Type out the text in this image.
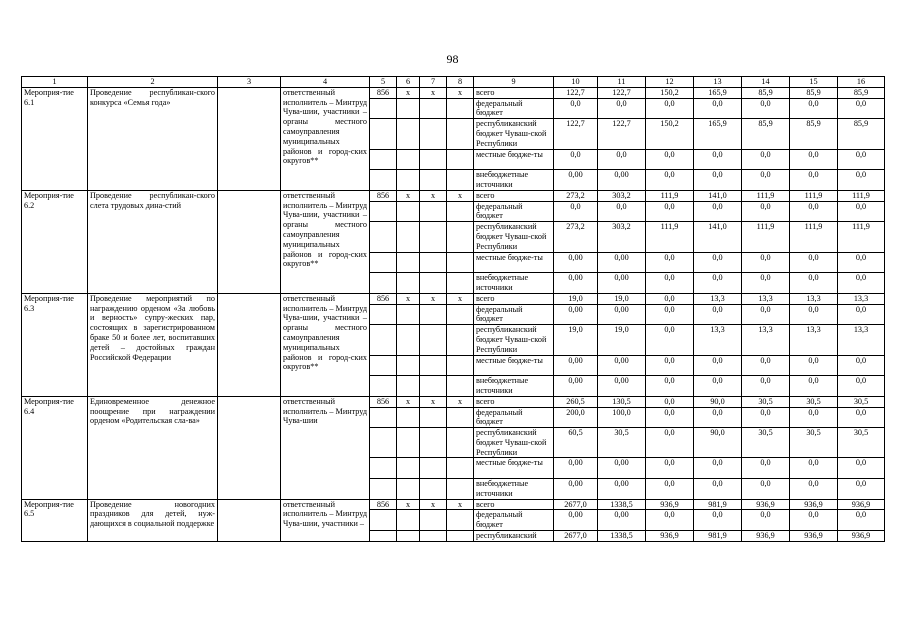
98
1	2	3	4	5	6	7	8	9	10	11	12	13	14	15	16
Мероприя-тие 6.1	Проведение республикан-ского конкурса «Семья года»		ответственный исполнитель – Минтруд Чува-шии, участники – органы местного самоуправления муниципальных районов и город-ских округов**	856	x	x	x	всего	122,7	122,7	150,2	165,9	85,9	85,9	85,9
								федеральный бюджет	0,0	0,0	0,0	0,0	0,0	0,0	0,0
								республиканский бюджет Чуваш-ской Республики	122,7	122,7	150,2	165,9	85,9	85,9	85,9
								местные бюдже-ты	0,0	0,0	0,0	0,0	0,0	0,0	0,0
								внебюджетные источники	0,00	0,00	0,0	0,0	0,0	0,0	0,0
Мероприя-тие 6.2	Проведение республикан-ского слета трудовых дина-стий		ответственный исполнитель – Минтруд Чува-шии, участники – органы местного самоуправления муниципальных районов и город-ских округов**	856	x	x	x	всего	273,2	303,2	111,9	141,0	111,9	111,9	111,9
								федеральный бюджет	0,0	0,0	0,0	0,0	0,0	0,0	0,0
								республиканский бюджет Чуваш-ской Республики	273,2	303,2	111,9	141,0	111,9	111,9	111,9
								местные бюдже-ты	0,00	0,00	0,0	0,0	0,0	0,0	0,0
								внебюджетные источники	0,00	0,00	0,0	0,0	0,0	0,0	0,0
Мероприя-тие 6.3	Проведение мероприятий по награждению орденом «За любовь и верность» супру-жеских пар, состоящих в зарегистрированном браке 50 и более лет, воспитавших детей – достойных граждан Российской Федерации		ответственный исполнитель – Минтруд Чува-шии, участники – органы местного самоуправления муниципальных районов и город-ских округов**	856	x	x	x	всего	19,0	19,0	0,0	13,3	13,3	13,3	13,3
								федеральный бюджет	0,00	0,00	0,0	0,0	0,0	0,0	0,0
								республиканский бюджет Чуваш-ской Республики	19,0	19,0	0,0	13,3	13,3	13,3	13,3
								местные бюдже-ты	0,00	0,00	0,0	0,0	0,0	0,0	0,0
								внебюджетные источники	0,00	0,00	0,0	0,0	0,0	0,0	0,0
Мероприя-тие 6.4	Единовременное денежное поощрение при награждении орденом «Родительская сла-ва»		ответственный исполнитель – Минтруд Чува-шии	856	x	x	x	всего	260,5	130,5	0,0	90,0	30,5	30,5	30,5
								федеральный бюджет	200,0	100,0	0,0	0,0	0,0	0,0	0,0
								республиканский бюджет Чуваш-ской Республики	60,5	30,5	0,0	90,0	30,5	30,5	30,5
								местные бюдже-ты	0,00	0,00	0,0	0,0	0,0	0,0	0,0
								внебюджетные источники	0,00	0,00	0,0	0,0	0,0	0,0	0,0
Мероприя-тие 6.5	Проведение новогодних праздников для детей, нуж-дающихся в социальной поддержке		ответственный исполнитель – Минтруд Чува-шии, участники –	856	x	x	x	всего	2677,0	1338,5	936,9	981,9	936,9	936,9	936,9
								федеральный бюджет	0,00	0,00	0,0	0,0	0,0	0,0	0,0
								республиканский	2677,0	1338,5	936,9	981,9	936,9	936,9	936,9
